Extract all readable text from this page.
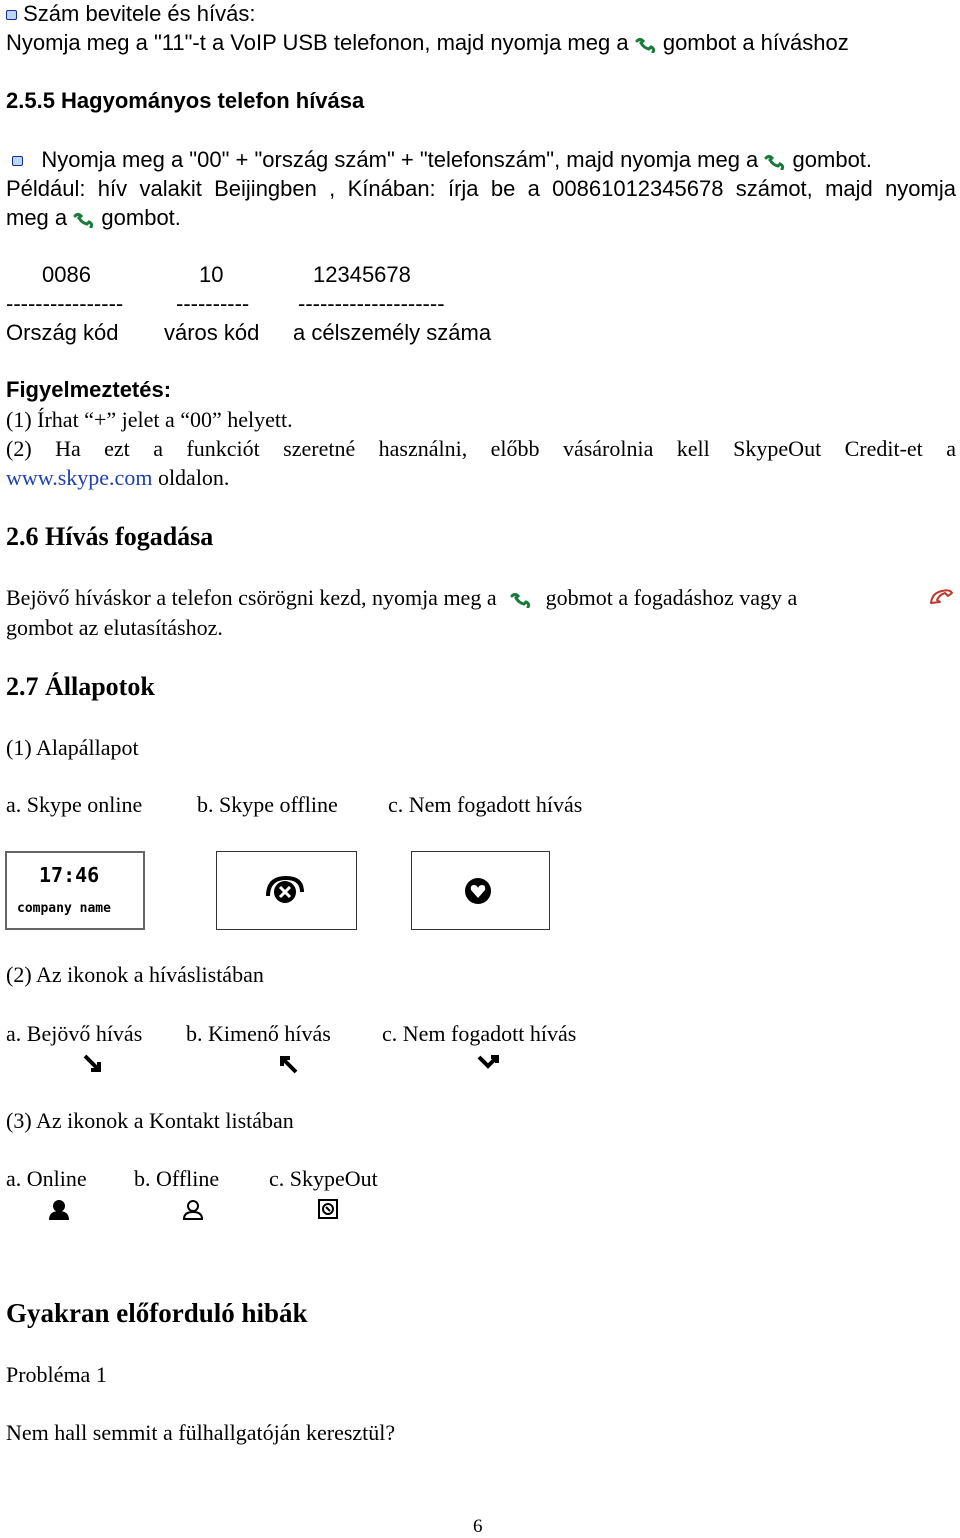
Szám bevitele és hívás:
Nyomja meg a "11"-t a VoIP USB telefonon, majd nyomja meg a gombot a híváshoz
2.5.5 Hagyományos telefon hívása
Nyomja meg a "00" + "ország szám" + "telefonszám", majd nyomja meg a gombot.
Például: hív valakit Beijingben , Kínában: írja be a 00861012345678 számot, majd nyomja
meg a gombot.
0086	10	12345678
---------------- ---------- --------------------
Ország kód város kód a célszemély száma
Figyelmeztetés:
(1) Írhat “+” jelet a “00” helyett.
(2) Ha ezt a funkciót szeretné használni, előbb vásárolnia kell SkypeOut Credit-et a
www.skype.com oldalon.
2.6 Hívás fogadása
Bejövő híváskor a telefon csörögni kezd, nyomja meg a gobmot a fogadáshoz vagy a
gombot az elutasításhoz.
2.7 Állapotok
(1) Alapállapot
a. Skype online b. Skype offline c. Nem fogadott hívás
17:46
company name
(2) Az ikonok a híváslistában
a. Bejövő hívás b. Kimenő hívás c. Nem fogadott hívás
(3) Az ikonok a Kontakt listában
a. Online b. Offline c. SkypeOut
Gyakran előforduló hibák
Probléma 1
Nem hall semmit a fülhallgatóján keresztül?
6
